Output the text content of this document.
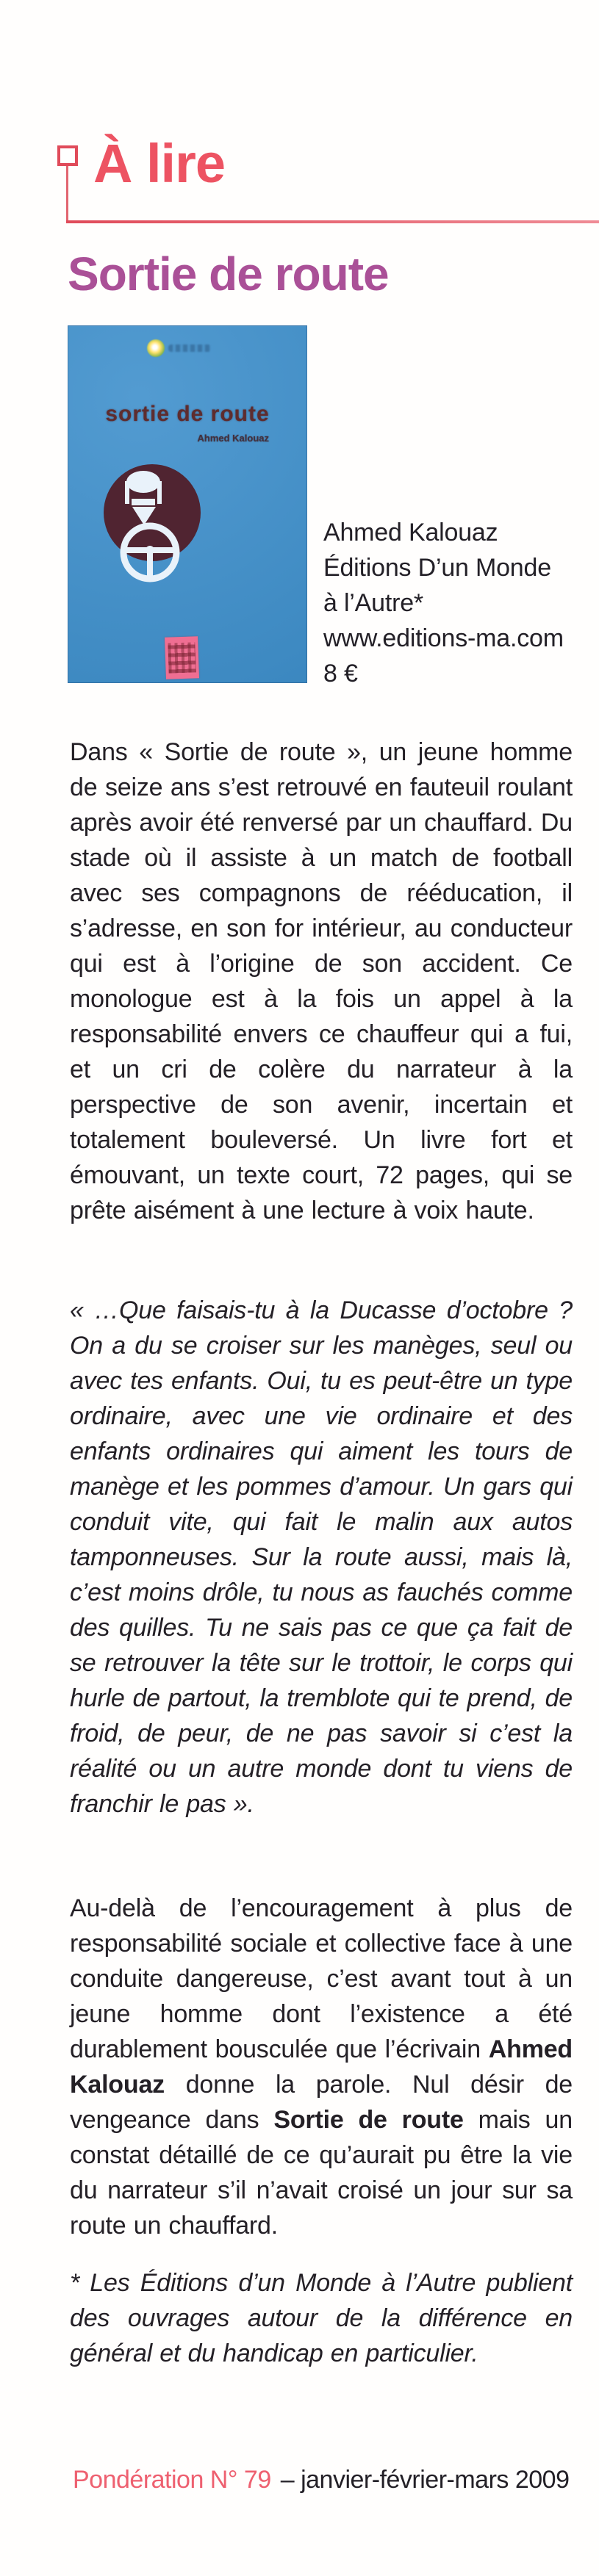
À lire
Sortie de route

sortie de route

Ahmed Kalouaz

Ahmed Kalouaz
Éditions D’un Monde
à l’Autre*
www.editions-ma.com
8 €

Dans « Sortie de route », un jeune homme de seize ans s’est retrouvé en fauteuil roulant après avoir été renversé par un chauffard. Du stade où il assiste à un match de football avec ses compagnons de rééducation, il s’adresse, en son for intérieur, au conducteur qui est à l’origine de son accident. Ce monologue est à la fois un appel à la responsabilité envers ce chauffeur qui a fui, et un cri de colère du narrateur à la perspective de son avenir, incertain et totalement bouleversé. Un livre fort et émouvant, un texte court, 72 pages, qui se prête aisément à une lecture à voix haute.

« …Que faisais-tu à la Ducasse d’octobre ? On a du se croiser sur les manèges, seul ou avec tes enfants. Oui, tu es peut-être un type ordinaire, avec une vie ordinaire et des enfants ordinaires qui aiment les tours de manège et les pommes d’amour. Un gars qui conduit vite, qui fait le malin aux autos tamponneuses. Sur la route aussi, mais là, c’est moins drôle, tu nous as fauchés comme des quilles. Tu ne sais pas ce que ça fait de se retrouver la tête sur le trottoir, le corps qui hurle de partout, la tremblote qui te prend, de froid, de peur, de ne pas savoir si c’est la réalité ou un autre monde dont tu viens de franchir le pas ».

Au-delà de l’encouragement à plus de responsabilité sociale et collective face à une conduite dangereuse, c’est avant tout à un jeune homme dont l’existence a été durablement bousculée que l’écrivain Ahmed Kalouaz donne la parole. Nul désir de vengeance dans Sortie de route mais un constat détaillé de ce qu’aurait pu être la vie du narrateur s’il n’avait croisé un jour sur sa route un chauffard.

* Les Éditions d’un Monde à l’Autre publient des ouvrages autour de la différence en général et du handicap en particulier.

Pondération N° 79 – janvier-février-mars 2009
